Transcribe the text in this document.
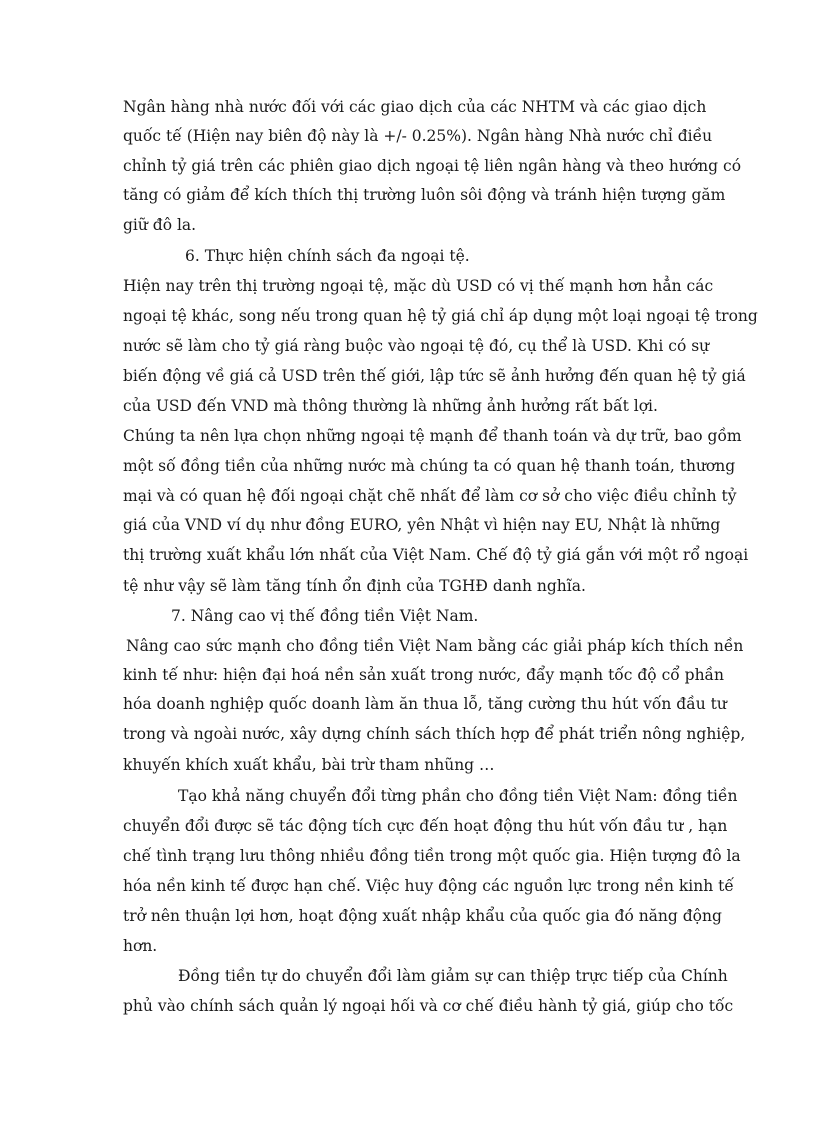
Ngân hàng nhà nước đối với các giao dịch của các NHTM và các giao dịch
quốc tế (Hiện nay biên độ này là +/- 0.25%). Ngân hàng Nhà nước chỉ điều
chỉnh tỷ giá trên các phiên giao dịch ngoại tệ liên ngân hàng và theo hướng có
tăng có giảm để kích thích thị trường luôn sôi động và tránh hiện tượng găm
giữ đô la.
6. Thực hiện chính sách đa ngoại tệ.
Hiện nay trên thị trường ngoại tệ, mặc dù USD có vị thế mạnh hơn hẳn các
ngoại tệ khác, song nếu trong quan hệ tỷ giá chỉ áp dụng một loại ngoại tệ trong
nước sẽ làm cho tỷ giá ràng buộc vào ngoại tệ đó, cụ thể là USD. Khi có sự
biến động về giá cả USD trên thế giới, lập tức sẽ ảnh hưởng đến quan hệ tỷ giá
của USD đến VND mà thông thường là những ảnh hưởng rất bất lợi.
Chúng ta nên lựa chọn những ngoại tệ mạnh để thanh toán và dự trữ, bao gồm
một số đồng tiền của những nước mà chúng ta có quan hệ thanh toán, thương
mại và có quan hệ đối ngoại chặt chẽ nhất để làm cơ sở cho việc điều chỉnh tỷ
giá của VND ví dụ như đồng EURO, yên Nhật vì hiện nay EU, Nhật là những
thị trường xuất khẩu lớn nhất của Việt Nam. Chế độ tỷ giá gắn với một rổ ngoại
tệ như vậy sẽ làm tăng tính ổn định của TGHĐ danh nghĩa.
7. Nâng cao vị thế đồng tiền Việt Nam.
Nâng cao sức mạnh cho đồng tiền Việt Nam bằng các giải pháp kích thích nền
kinh tế như: hiện đại hoá nền sản xuất trong nước, đẩy mạnh tốc độ cổ phần
hóa doanh nghiệp quốc doanh làm ăn thua lỗ, tăng cường thu hút vốn đầu tư
trong và ngoài nước, xây dựng chính sách thích hợp để phát triển nông nghiệp,
khuyến khích xuất khẩu, bài trừ tham nhũng …
Tạo khả năng chuyển đổi từng phần cho đồng tiền Việt Nam: đồng tiền
chuyển đổi được sẽ tác động tích cực đến hoạt động thu hút vốn đầu tư , hạn
chế tình trạng lưu thông nhiều đồng tiền trong một quốc gia. Hiện tượng đô la
hóa nền kinh tế được hạn chế. Việc huy động các nguồn lực trong nền kinh tế
trở nên thuận lợi hơn, hoạt động xuất nhập khẩu của quốc gia đó năng động
hơn.
Đồng tiền tự do chuyển đổi làm giảm sự can thiệp trực tiếp của Chính
phủ vào chính sách quản lý ngoại hối và cơ chế điều hành tỷ giá, giúp cho tốc
